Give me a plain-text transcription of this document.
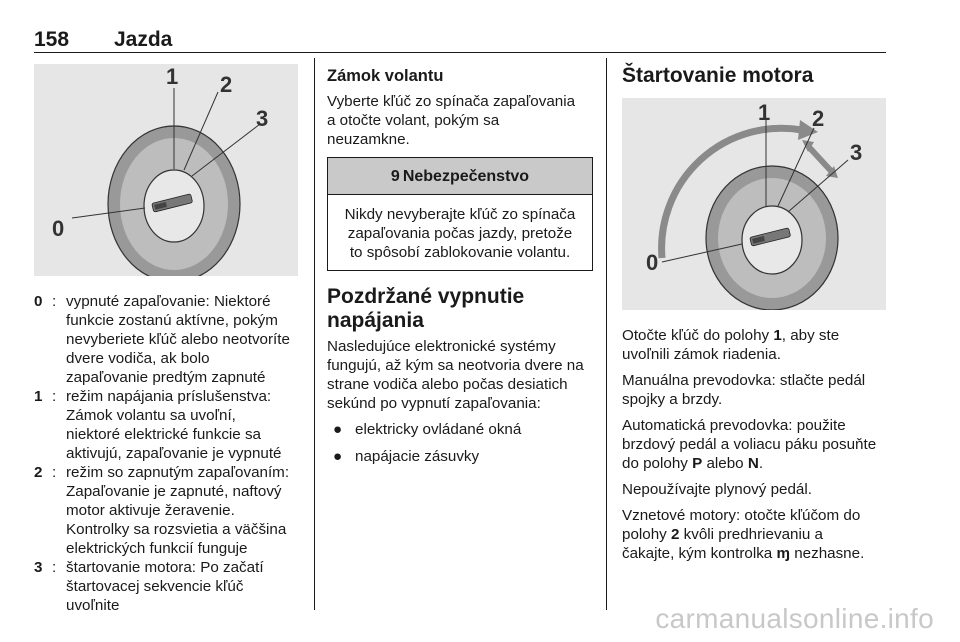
158 Jazda
1 2
3
0
0 : vypnuté zapaľovanie: Niektoré
funkcie zostanú aktívne, pokým
nevyberiete kľúč alebo neotvoríte
dvere vodiča, ak bolo
zapaľovanie predtým zapnuté
1 : režim napájania príslušenstva:
Zámok volantu sa uvoľní,
niektoré elektrické funkcie sa
aktivujú, zapaľovanie je vypnuté
2 : režim so zapnutým zapaľovaním:
Zapaľovanie je zapnuté, naftový
motor aktivuje žeravenie.
Kontrolky sa rozsvietia a väčšina
elektrických funkcií funguje
3 : štartovanie motora: Po začatí
štartovacej sekvencie kľúč
uvoľnite
Zámok volantu

Vyberte kľúč zo spínača zapaľovania
a otočte volant, pokým sa
neuzamkne.

9 Nebezpečenstvo
Nikdy nevyberajte kľúč zo spínača
zapaľovania počas jazdy, pretože
to spôsobí zablokovanie volantu.
Pozdržané vypnutie
napájania

Nasledujúce elektronické systémy
fungujú, až kým sa neotvoria dvere na
strane vodiča alebo počas desiatich
sekúnd po vypnutí zapaľovania:

● elektricky ovládané okná
● napájacie zásuvky
Štartovanie motora
1 2
3
0

Otočte kľúč do polohy 1, aby ste
uvoľnili zámok riadenia.

Manuálna prevodovka: stlačte pedál
spojky a brzdy.

Automatická prevodovka: použite
brzdový pedál a voliacu páku posuňte
do polohy P alebo N.

Nepoužívajte plynový pedál.

Vznetové motory: otočte kľúčom do
polohy 2 kvôli predhrievaniu a
čakajte, kým kontrolka ɱ nezhasne.

carmanualsonline.info
